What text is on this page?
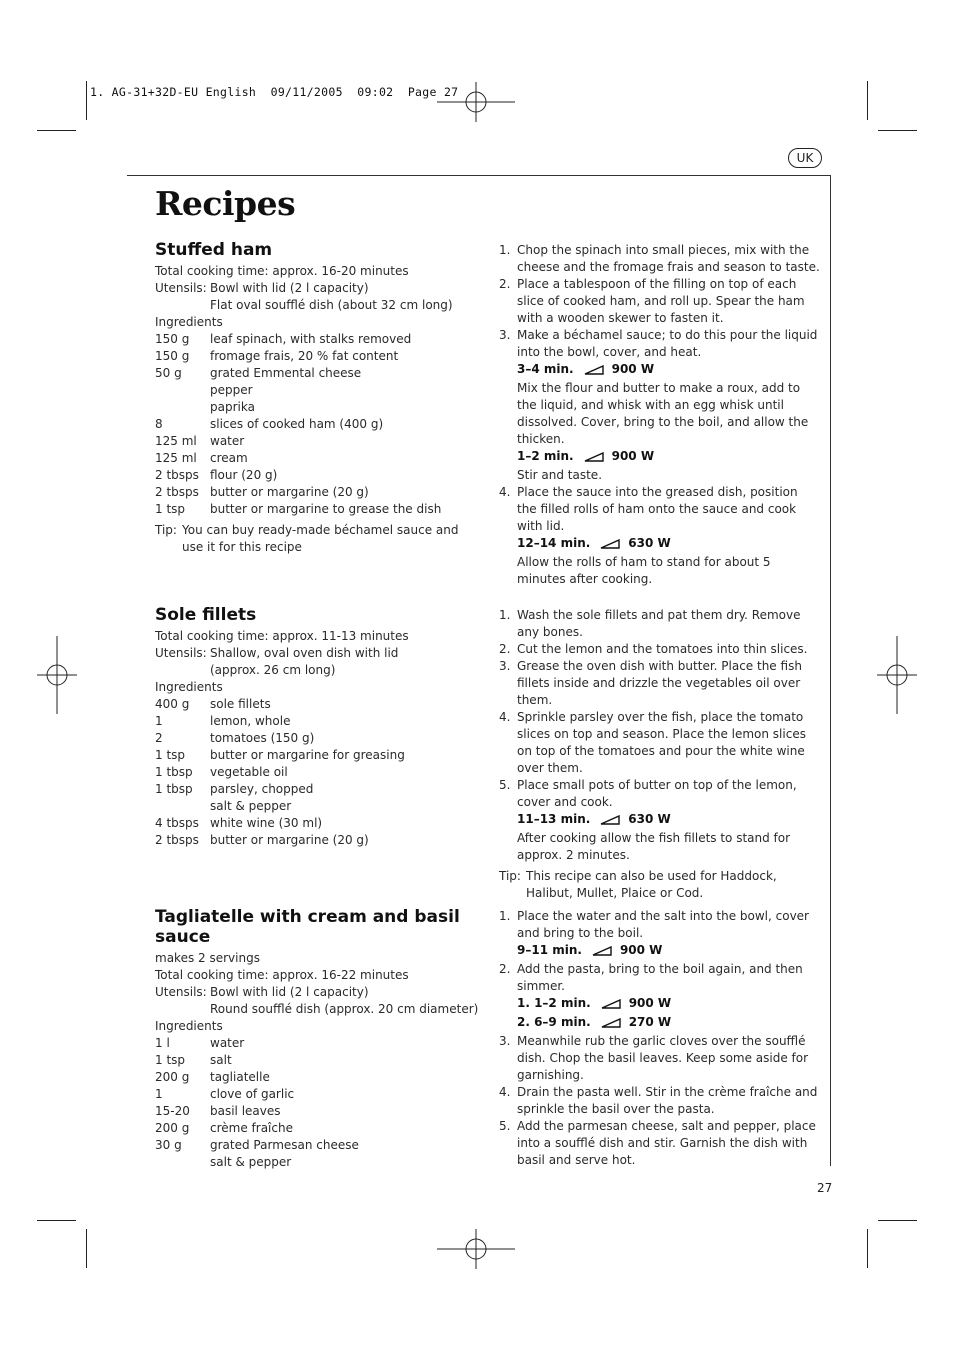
1. AG-31+32D-EU English  09/11/2005  09:02  Page 27
UK
Recipes
Stuffed ham
Total cooking time: approx. 16-20 minutes
Utensils: Bowl with lid (2 l capacity)
Flat oval soufflé dish (about 32 cm long)
Ingredients
150 g leaf spinach, with stalks removed
150 g fromage frais, 20 % fat content
50 g grated Emmental cheese
pepper
paprika
8	slices of cooked ham (400 g)
125 ml water
125 ml cream
2 tbsps flour (20 g)
2 tbsps butter or margarine (20 g)
1 tsp butter or margarine to grease the dish
Tip: You can buy ready-made béchamel sauce and use it for this recipe
1. Chop the spinach into small pieces, mix with the cheese and the fromage frais and season to taste.
2. Place a tablespoon of the filling on top of each slice of cooked ham, and roll up. Spear the ham with a wooden skewer to fasten it.
3. Make a béchamel sauce; to do this pour the liquid into the bowl, cover, and heat.
3–4 min.	900 W
Mix the flour and butter to make a roux, add to the liquid, and whisk with an egg whisk until dissolved. Cover, bring to the boil, and allow the thicken.
1–2 min.	900 W
Stir and taste.
4. Place the sauce into the greased dish, position the filled rolls of ham onto the sauce and cook with lid.
12–14 min.	630 W
Allow the rolls of ham to stand for about 5 minutes after cooking.
Sole fillets
Total cooking time: approx. 11-13 minutes
Utensils: Shallow, oval oven dish with lid
(approx. 26 cm long)
Ingredients
400 g sole fillets
1	lemon, whole
2	tomatoes (150 g)
1 tsp butter or margarine for greasing
1 tbsp vegetable oil
1 tbsp parsley, chopped
salt & pepper
4 tbsps white wine (30 ml)
2 tbsps butter or margarine (20 g)
1. Wash the sole fillets and pat them dry. Remove any bones.
2. Cut the lemon and the tomatoes into thin slices.
3. Grease the oven dish with butter. Place the fish fillets inside and drizzle the vegetables oil over them.
4. Sprinkle parsley over the fish, place the tomato slices on top and season. Place the lemon slices on top of the tomatoes and pour the white wine over them.
5. Place small pots of butter on top of the lemon, cover and cook.
11–13 min.	630 W
After cooking allow the fish fillets to stand for approx. 2 minutes.
Tip: This recipe can also be used for Haddock, Halibut, Mullet, Plaice or Cod.
Tagliatelle with cream and basil sauce
makes 2 servings
Total cooking time: approx. 16-22 minutes
Utensils: Bowl with lid (2 l capacity)
Round soufflé dish (approx. 20 cm diameter)
Ingredients
1 l	water
1 tsp salt
200 g tagliatelle
1	clove of garlic
15-20 basil leaves
200 g crème fraîche
30 g grated Parmesan cheese
salt & pepper
1. Place the water and the salt into the bowl, cover and bring to the boil.
9–11 min.	900 W
2. Add the pasta, bring to the boil again, and then simmer.
1. 1–2 min.	900 W
2. 6–9 min.	270 W
3. Meanwhile rub the garlic cloves over the soufflé dish. Chop the basil leaves. Keep some aside for garnishing.
4. Drain the pasta well. Stir in the crème fraîche and sprinkle the basil over the pasta.
5. Add the parmesan cheese, salt and pepper, place into a soufflé dish and stir. Garnish the dish with basil and serve hot.
27
